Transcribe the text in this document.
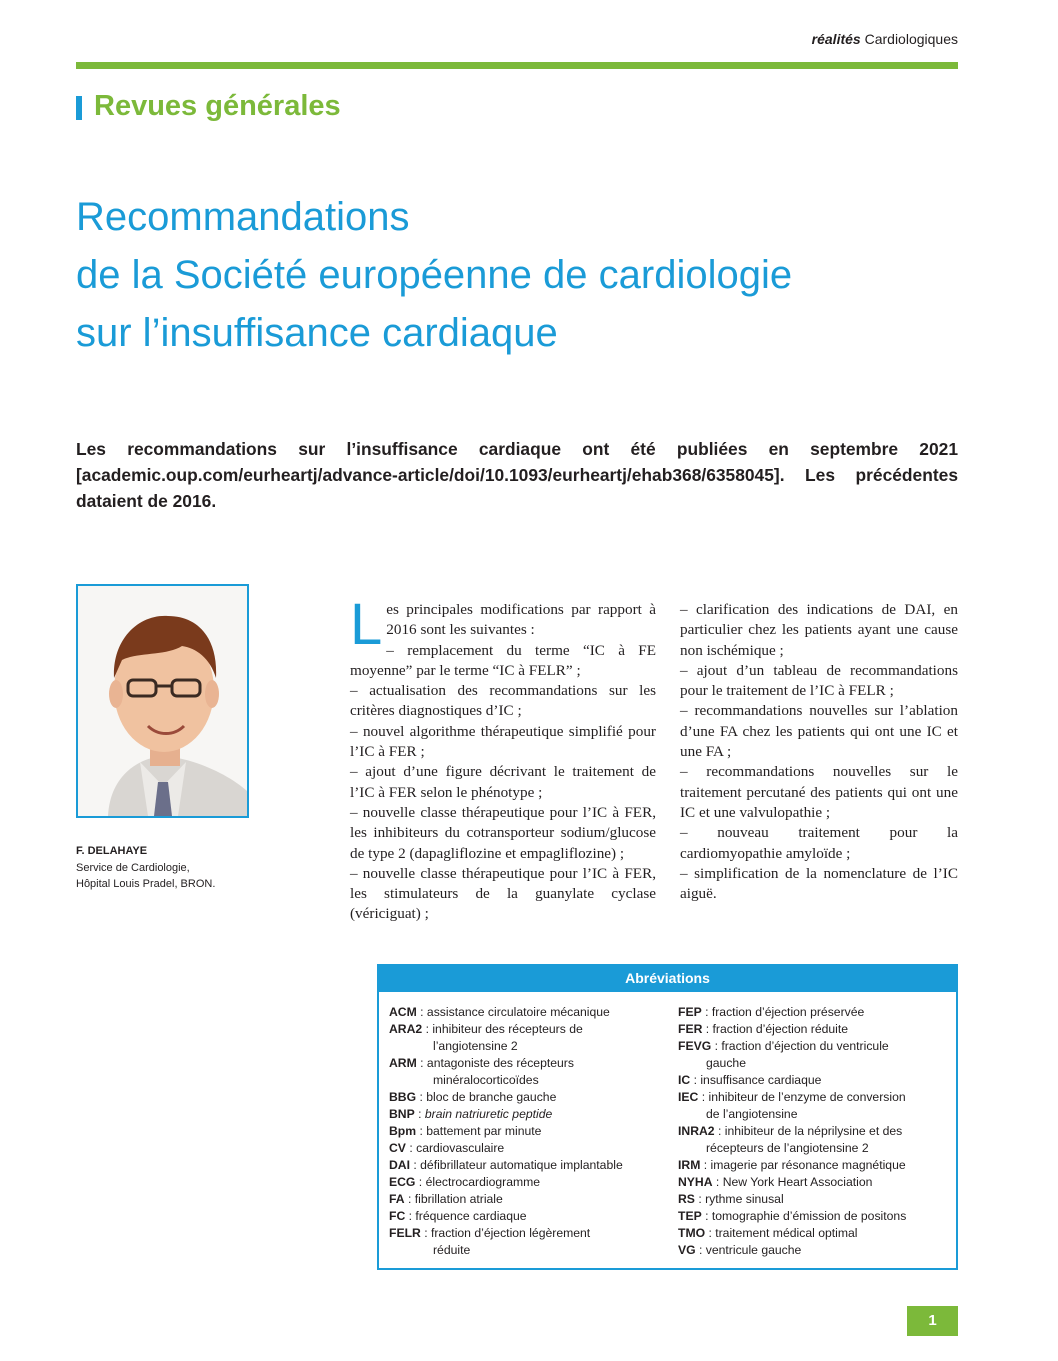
réalités Cardiologiques
Revues générales
Recommandations
de la Société européenne de cardiologie
sur l’insuffisance cardiaque
Les recommandations sur l’insuffisance cardiaque ont été publiées en septembre 2021 [academic.oup.com/eurheartj/advance-article/doi/10.1093/eurheartj/ehab368/6358045]. Les précédentes dataient de 2016.
F. DELAHAYE
Service de Cardiologie,
Hôpital Louis Pradel, BRON.
L es principales modifications par rapport à 2016 sont les suivantes :

– remplacement du terme “IC à FE moyenne” par le terme “IC à FELR” ;

– actualisation des recommandations sur les critères diagnostiques d’IC ;

– nouvel algorithme thérapeutique simplifié pour l’IC à FER ;

– ajout d’une figure décrivant le traitement de l’IC à FER selon le phénotype ;

– nouvelle classe thérapeutique pour l’IC à FER, les inhibiteurs du cotransporteur sodium/glucose de type 2 (dapagliflozine et empagliflozine) ;

– nouvelle classe thérapeutique pour l’IC à FER, les stimulateurs de la guanylate cyclase (vériciguat) ;

– clarification des indications de DAI, en particulier chez les patients ayant une cause non ischémique ;

– ajout d’un tableau de recommandations pour le traitement de l’IC à FELR ;

– recommandations nouvelles sur l’ablation d’une FA chez les patients qui ont une IC et une FA ;

– recommandations nouvelles sur le traitement percutané des patients qui ont une IC et une valvulopathie ;

– nouveau traitement pour la cardiomyopathie amyloïde ;

– simplification de la nomenclature de l’IC aiguë.

Abréviations

ACM : assistance circulatoire mécanique

ARA2 : inhibiteur des récepteurs de
l’angiotensine 2

ARM : antagoniste des récepteurs
minéralocorticoïdes

BBG : bloc de branche gauche

BNP : brain natriuretic peptide

Bpm : battement par minute

CV : cardiovasculaire

DAI : défibrillateur automatique implantable

ECG : électrocardiogramme

FA : fibrillation atriale

FC : fréquence cardiaque

FELR : fraction d’éjection légèrement
réduite

FEP : fraction d’éjection préservée

FER : fraction d’éjection réduite

FEVG : fraction d’éjection du ventricule
gauche

IC : insuffisance cardiaque

IEC : inhibiteur de l’enzyme de conversion
de l’angiotensine

INRA2 : inhibiteur de la néprilysine et des
récepteurs de l’angiotensine 2

IRM : imagerie par résonance magnétique

NYHA : New York Heart Association

RS : rythme sinusal

TEP : tomographie d’émission de positons

TMO : traitement médical optimal

VG : ventricule gauche

1
